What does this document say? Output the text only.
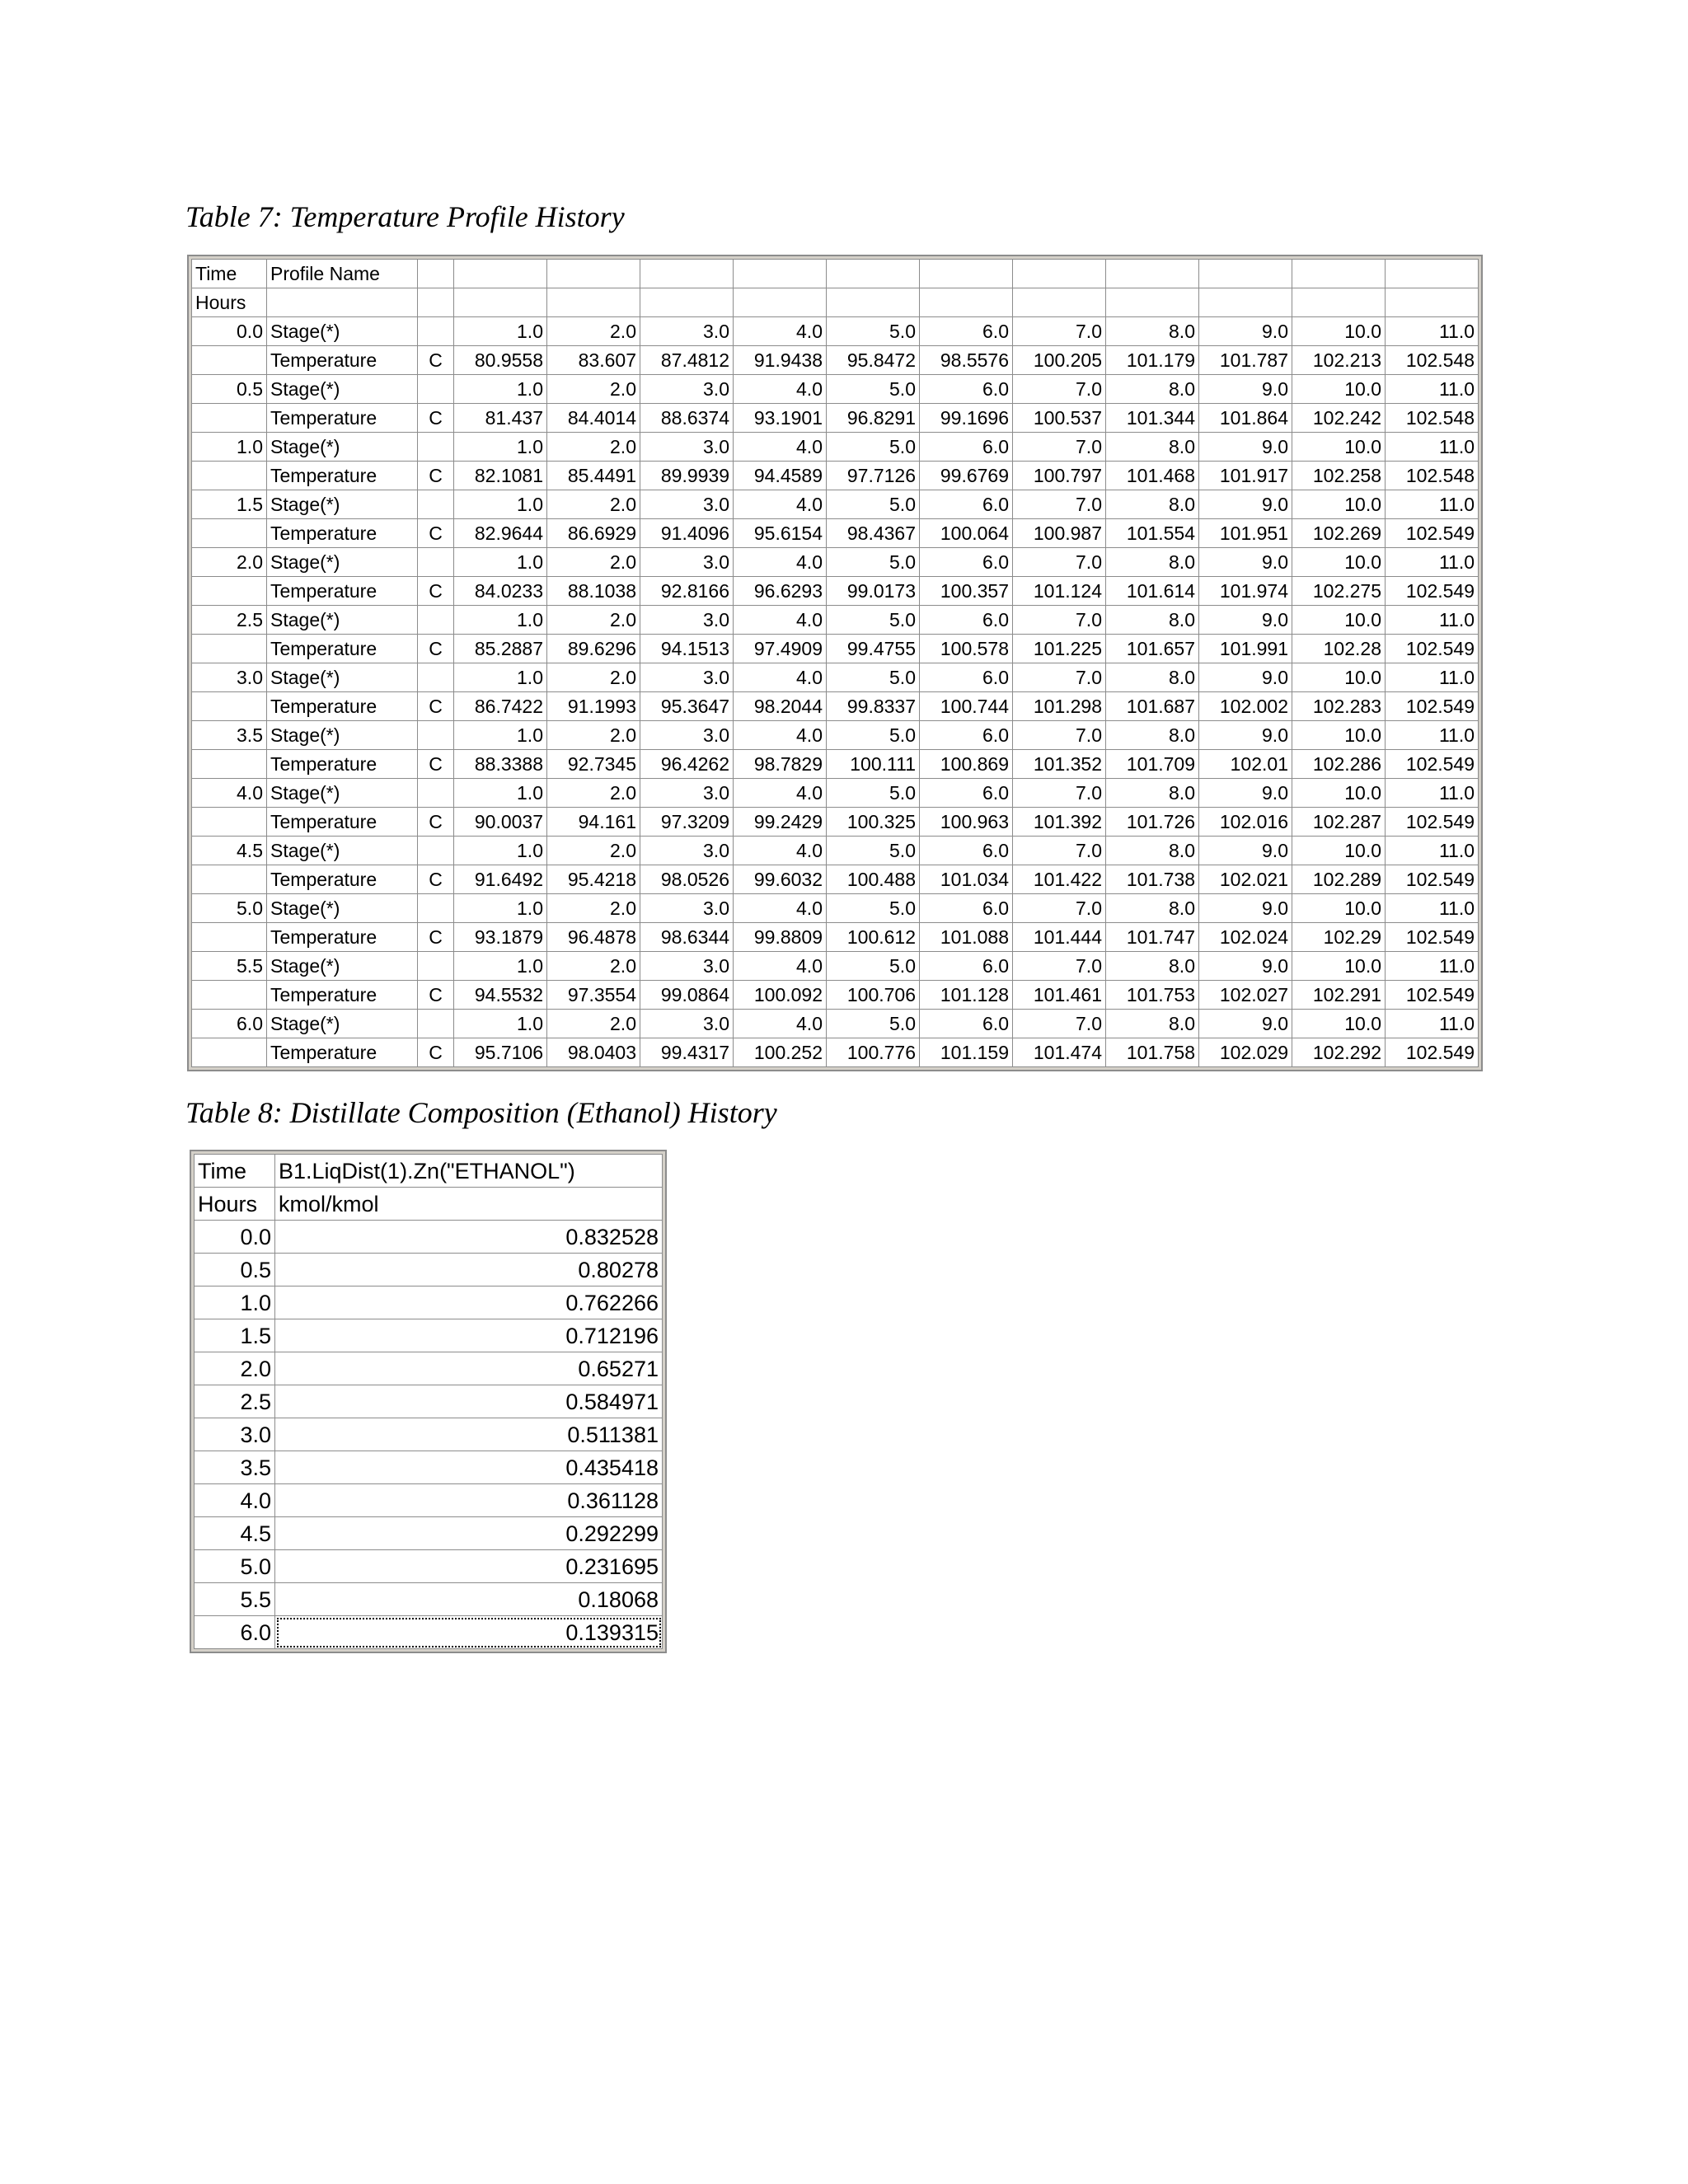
Table 7: Temperature Profile History
Time	Profile Name												
Hours													
0.0	Stage(*)		1.0	2.0	3.0	4.0	5.0	6.0	7.0	8.0	9.0	10.0	11.0
	Temperature	C	80.9558	83.607	87.4812	91.9438	95.8472	98.5576	100.205	101.179	101.787	102.213	102.548
0.5	Stage(*)		1.0	2.0	3.0	4.0	5.0	6.0	7.0	8.0	9.0	10.0	11.0
	Temperature	C	81.437	84.4014	88.6374	93.1901	96.8291	99.1696	100.537	101.344	101.864	102.242	102.548
1.0	Stage(*)		1.0	2.0	3.0	4.0	5.0	6.0	7.0	8.0	9.0	10.0	11.0
	Temperature	C	82.1081	85.4491	89.9939	94.4589	97.7126	99.6769	100.797	101.468	101.917	102.258	102.548
1.5	Stage(*)		1.0	2.0	3.0	4.0	5.0	6.0	7.0	8.0	9.0	10.0	11.0
	Temperature	C	82.9644	86.6929	91.4096	95.6154	98.4367	100.064	100.987	101.554	101.951	102.269	102.549
2.0	Stage(*)		1.0	2.0	3.0	4.0	5.0	6.0	7.0	8.0	9.0	10.0	11.0
	Temperature	C	84.0233	88.1038	92.8166	96.6293	99.0173	100.357	101.124	101.614	101.974	102.275	102.549
2.5	Stage(*)		1.0	2.0	3.0	4.0	5.0	6.0	7.0	8.0	9.0	10.0	11.0
	Temperature	C	85.2887	89.6296	94.1513	97.4909	99.4755	100.578	101.225	101.657	101.991	102.28	102.549
3.0	Stage(*)		1.0	2.0	3.0	4.0	5.0	6.0	7.0	8.0	9.0	10.0	11.0
	Temperature	C	86.7422	91.1993	95.3647	98.2044	99.8337	100.744	101.298	101.687	102.002	102.283	102.549
3.5	Stage(*)		1.0	2.0	3.0	4.0	5.0	6.0	7.0	8.0	9.0	10.0	11.0
	Temperature	C	88.3388	92.7345	96.4262	98.7829	100.111	100.869	101.352	101.709	102.01	102.286	102.549
4.0	Stage(*)		1.0	2.0	3.0	4.0	5.0	6.0	7.0	8.0	9.0	10.0	11.0
	Temperature	C	90.0037	94.161	97.3209	99.2429	100.325	100.963	101.392	101.726	102.016	102.287	102.549
4.5	Stage(*)		1.0	2.0	3.0	4.0	5.0	6.0	7.0	8.0	9.0	10.0	11.0
	Temperature	C	91.6492	95.4218	98.0526	99.6032	100.488	101.034	101.422	101.738	102.021	102.289	102.549
5.0	Stage(*)		1.0	2.0	3.0	4.0	5.0	6.0	7.0	8.0	9.0	10.0	11.0
	Temperature	C	93.1879	96.4878	98.6344	99.8809	100.612	101.088	101.444	101.747	102.024	102.29	102.549
5.5	Stage(*)		1.0	2.0	3.0	4.0	5.0	6.0	7.0	8.0	9.0	10.0	11.0
	Temperature	C	94.5532	97.3554	99.0864	100.092	100.706	101.128	101.461	101.753	102.027	102.291	102.549
6.0	Stage(*)		1.0	2.0	3.0	4.0	5.0	6.0	7.0	8.0	9.0	10.0	11.0
	Temperature	C	95.7106	98.0403	99.4317	100.252	100.776	101.159	101.474	101.758	102.029	102.292	102.549
Table 8: Distillate Composition (Ethanol) History
Time	B1.LiqDist(1).Zn("ETHANOL")
Hours	kmol/kmol
0.0	0.832528
0.5	0.80278
1.0	0.762266
1.5	0.712196
2.0	0.65271
2.5	0.584971
3.0	0.511381
3.5	0.435418
4.0	0.361128
4.5	0.292299
5.0	0.231695
5.5	0.18068
6.0	0.139315
